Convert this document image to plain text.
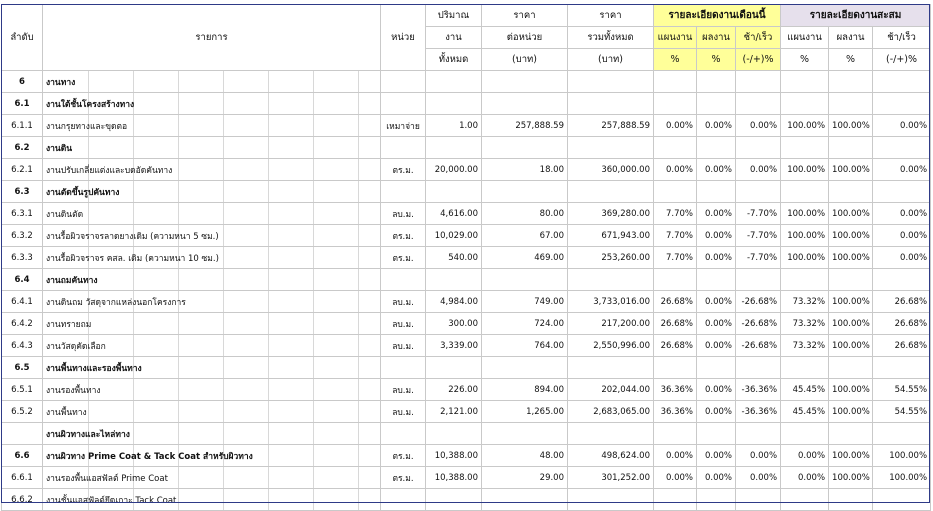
ลำดับ	รายการ	หน่วย	ปริมาณ	ราคา	ราคา	รายละเอียดงานเดือนนี้			รายละเอียดงานสะสม		
			งาน	ต่อหน่วย	รวมทั้งหมด	แผนงาน	ผลงาน	ช้า/เร็ว	แผนงาน	ผลงาน	ช้า/เร็ว
			ทั้งหมด	(บาท)	(บาท)	%	%	(-/+)%	%	%	(-/+)%
6	งานทาง										
6.1	งานใต้ชั้นโครงสร้างทาง										
6.1.1	งานกรุยทางและขุดตอ	เหมาจ่าย	1.00	257,888.59	257,888.59	0.00%	0.00%	0.00%	100.00%	100.00%	0.00%
6.2	งานดิน										
6.2.1	งานปรับเกลี่ยแต่งและบดอัดคันทาง	ตร.ม.	20,000.00	18.00	360,000.00	0.00%	0.00%	0.00%	100.00%	100.00%	0.00%
6.3	งานตัดขึ้นรูปคันทาง										
6.3.1	งานดินตัด	ลบ.ม.	4,616.00	80.00	369,280.00	7.70%	0.00%	-7.70%	100.00%	100.00%	0.00%
6.3.2	งานรื้อผิวจราจรลาดยางเดิม (ความหนา 5 ซม.)	ตร.ม.	10,029.00	67.00	671,943.00	7.70%	0.00%	-7.70%	100.00%	100.00%	0.00%
6.3.3	งานรื้อผิวจราจร คสล. เดิม (ความหนา 10 ซม.)	ตร.ม.	540.00	469.00	253,260.00	7.70%	0.00%	-7.70%	100.00%	100.00%	0.00%
6.4	งานถมคันทาง										
6.4.1	งานดินถม วัสดุจากแหล่งนอกโครงการ	ลบ.ม.	4,984.00	749.00	3,733,016.00	26.68%	0.00%	-26.68%	73.32%	100.00%	26.68%
6.4.2	งานทรายถม	ลบ.ม.	300.00	724.00	217,200.00	26.68%	0.00%	-26.68%	73.32%	100.00%	26.68%
6.4.3	งานวัสดุคัดเลือก	ลบ.ม.	3,339.00	764.00	2,550,996.00	26.68%	0.00%	-26.68%	73.32%	100.00%	26.68%
6.5	งานพื้นทางและรองพื้นทาง										
6.5.1	งานรองพื้นทาง	ลบ.ม.	226.00	894.00	202,044.00	36.36%	0.00%	-36.36%	45.45%	100.00%	54.55%
6.5.2	งานพื้นทาง	ลบ.ม.	2,121.00	1,265.00	2,683,065.00	36.36%	0.00%	-36.36%	45.45%	100.00%	54.55%
	งานผิวทางและไหล่ทาง										
6.6	งานผิวทาง Prime Coat & Tack Coat สำหรับผิวทาง	ตร.ม.	10,388.00	48.00	498,624.00	0.00%	0.00%	0.00%	0.00%	100.00%	100.00%
6.6.1	งานรองพื้นแอสฟัลต์ Prime Coat	ตร.ม.	10,388.00	29.00	301,252.00	0.00%	0.00%	0.00%	0.00%	100.00%	100.00%
6.6.2	งานชั้นแอสฟัลต์ยึดเกาะ Tack Coat										
